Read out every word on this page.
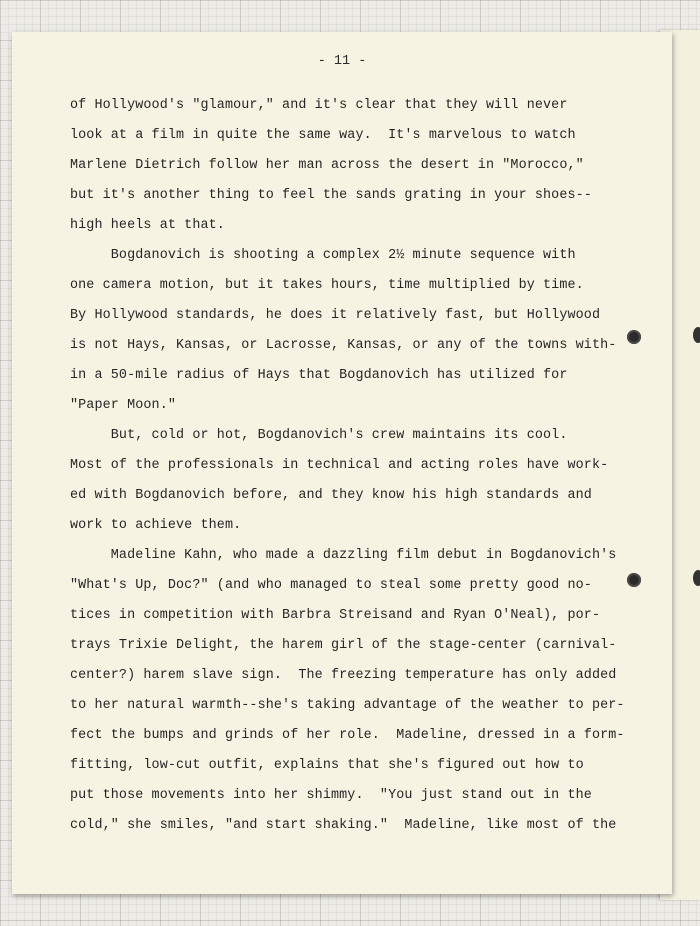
- 11 -
of Hollywood's "glamour," and it's clear that they will never
look at a film in quite the same way.  It's marvelous to watch
Marlene Dietrich follow her man across the desert in "Morocco,"
but it's another thing to feel the sands grating in your shoes--
high heels at that.
Bogdanovich is shooting a complex 2½ minute sequence with
one camera motion, but it takes hours, time multiplied by time.
By Hollywood standards, he does it relatively fast, but Hollywood
is not Hays, Kansas, or Lacrosse, Kansas, or any of the towns with-
in a 50-mile radius of Hays that Bogdanovich has utilized for
"Paper Moon."
But, cold or hot, Bogdanovich's crew maintains its cool.
Most of the professionals in technical and acting roles have work-
ed with Bogdanovich before, and they know his high standards and
work to achieve them.
Madeline Kahn, who made a dazzling film debut in Bogdanovich's
"What's Up, Doc?" (and who managed to steal some pretty good no-
tices in competition with Barbra Streisand and Ryan O'Neal), por-
trays Trixie Delight, the harem girl of the stage-center (carnival-
center?) harem slave sign.  The freezing temperature has only added
to her natural warmth--she's taking advantage of the weather to per-
fect the bumps and grinds of her role.  Madeline, dressed in a form-
fitting, low-cut outfit, explains that she's figured out how to
put those movements into her shimmy.  "You just stand out in the
cold," she smiles, "and start shaking."  Madeline, like most of the
